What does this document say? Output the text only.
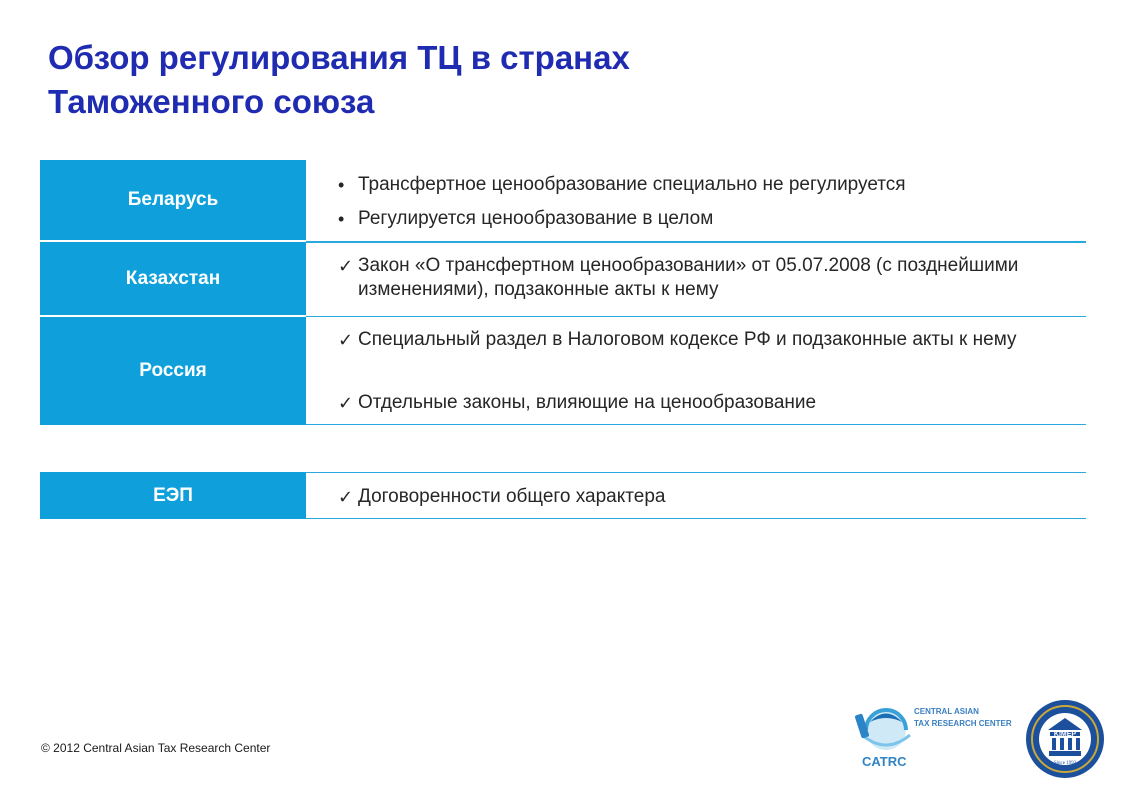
Обзор регулирования ТЦ в странах
Таможенного союза
Беларусь
• Трансфертное ценообразование специально не регулируется
• Регулируется ценообразование в целом
Казахстан
✓ Закон «О трансфертном ценообразовании» от 05.07.2008 (с позднейшими изменениями), подзаконные акты к нему
Россия
✓ Специальный раздел в Налоговом кодексе РФ и подзаконные акты к нему
✓ Отдельные законы, влияющие на ценообразование
ЕЭП	✓ Договоренности общего характера
© 2012 Central Asian Tax Research Center
CENTRAL ASIAN
TAX RESEARCH CENTER
CATRC
KIMEP
Since 1992
